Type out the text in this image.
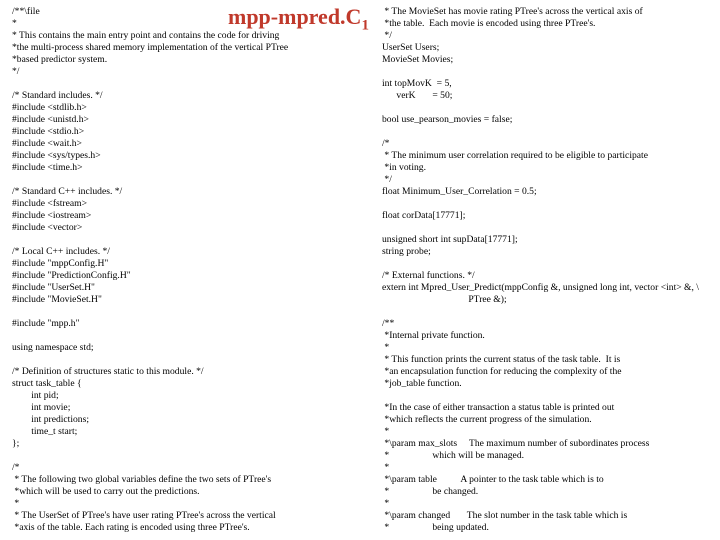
mpp-$mpred.C_1$
/**\file
*
* This contains the main entry point and contains the code for driving
*the multi-process shared memory implementation of the vertical PTree
*based predictor system.
*/
/* Standard includes. */
#include <stdlib.h>
#include <unistd.h>
#include <stdio.h>
#include <wait.h>
#include <sys/types.h>
#include <time.h>
/* Standard C++ includes. */
#include <fstream>
#include <iostream>
#include <vector>
/* Local C++ includes. */
#include "mppConfig.H"
#include "PredictionConfig.H"
#include "UserSet.H"
#include "MovieSet.H"
#include "mpp.h"
using namespace std;
/* Definition of structures static to this module. */
struct task_table {
int pid;
int movie;
int predictions;
time_t start;
};
/*
* The following two global variables define the two sets of PTree's
*which will be used to carry out the predictions.
*
* The UserSet of PTree's have user rating PTree's across the vertical
*axis of the table. Each rating is encoded using three PTree's.
* The MovieSet has movie rating PTree's across the vertical axis of
*the table.  Each movie is encoded using three PTree's.
*/
UserSet Users;
MovieSet Movies;
int topMovK  = 5,
verK       = 50;
bool use_pearson_movies = false;
/*
* The minimum user correlation required to be eligible to participate
*in voting.
*/
float Minimum_User_Correlation = 0.5;
float corData[17771];
unsigned short int supData[17771];
string probe;
/* External functions. */
extern int Mpred_User_Predict(mppConfig &, unsigned long int, vector <int> &, \
PTree &);
/**
*Internal private function.
*
* This function prints the current status of the task table.  It is
*an encapsulation function for reducing the complexity of the
*job_table function.
*In the case of either transaction a status table is printed out
*which reflects the current progress of the simulation.
*
*\param max_slots     The maximum number of subordinates process
*                  which will be managed.
*
*\param table          A pointer to the task table which is to
*                  be changed.
*
*\param changed       The slot number in the task table which is
*                  being updated.
